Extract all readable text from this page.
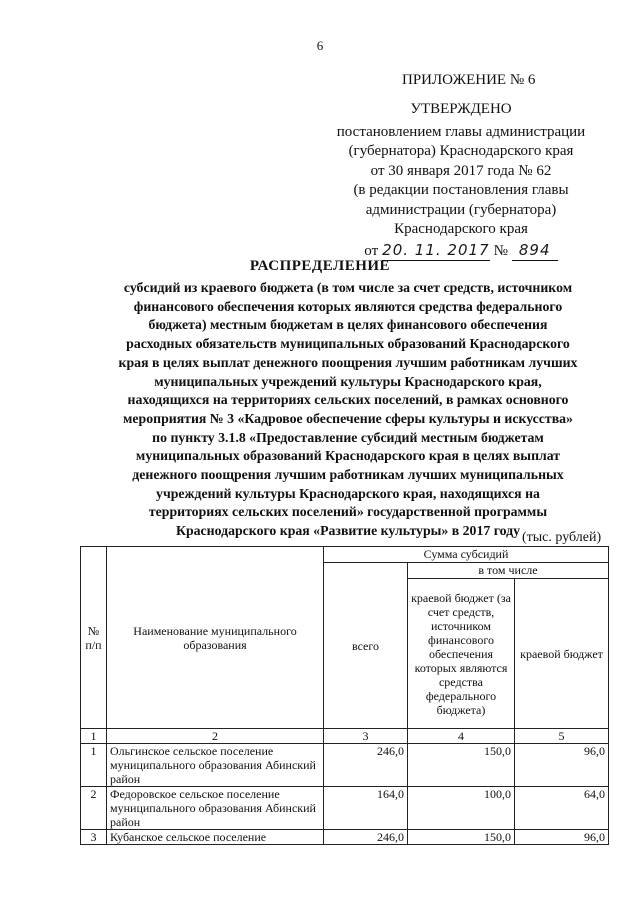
6
ПРИЛОЖЕНИЕ № 6
УТВЕРЖДЕНО
постановлением главы администрации
(губернатора) Краснодарского края
от 30 января 2017 года № 62
(в редакции постановления главы
администрации (губернатора)
Краснодарского края
от 20. 11. 2017 № 894
РАСПРЕДЕЛЕНИЕ
субсидий из краевого бюджета (в том числе за счет средств, источником
финансового обеспечения которых являются средства федерального
бюджета) местным бюджетам в целях финансового обеспечения
расходных обязательств муниципальных образований Краснодарского
края в целях выплат денежного поощрения лучшим работникам лучших
муниципальных учреждений культуры Краснодарского края,
находящихся на территориях сельских поселений, в рамках основного
мероприятия № 3 «Кадровое обеспечение сферы культуры и искусства»
по пункту 3.1.8 «Предоставление субсидий местным бюджетам
муниципальных образований Краснодарского края в целях выплат
денежного поощрения лучшим работникам лучших муниципальных
учреждений культуры Краснодарского края, находящихся на
территориях сельских поселений» государственной программы
Краснодарского края «Развитие культуры» в 2017 году (тыс. рублей)
№ п/п	Наименование муниципального образования	Сумма субсидий		
		всего	в том числе	
			краевой бюджет (за счет средств, источником финансового обеспечения которых являются средства федерального бюджета)	краевой бюджет
1	2	3	4	5
1	Ольгинское сельское поселение муниципального образования Абинский район	246,0	150,0	96,0
2	Федоровское сельское поселение муниципального образования Абинский район	164,0	100,0	64,0
3	Кубанское сельское поселение	246,0	150,0	96,0
